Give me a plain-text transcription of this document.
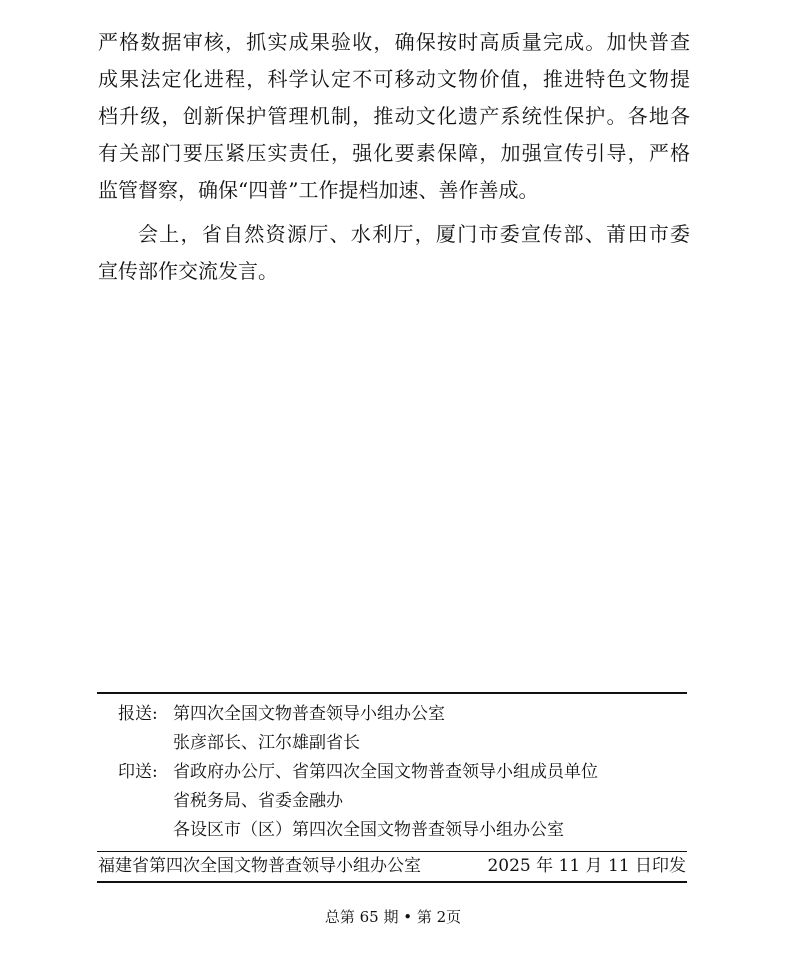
严格数据审核，抓实成果验收，确保按时高质量完成。加快普查
成果法定化进程，科学认定不可移动文物价值，推进特色文物提
档升级，创新保护管理机制，推动文化遗产系统性保护。各地各
有关部门要压紧压实责任，强化要素保障，加强宣传引导，严格
监管督察，确保“四普”工作提档加速、善作善成。

会上，省自然资源厅、水利厅，厦门市委宣传部、莆田市委
宣传部作交流发言。

报送: 第四次全国文物普查领导小组办公室
张彦部长、江尔雄副省长
印送: 省政府办公厅、省第四次全国文物普查领导小组成员单位
省税务局、省委金融办
各设区市（区）第四次全国文物普查领导小组办公室
福建省第四次全国文物普查领导小组办公室	2025 年 11 月 11 日印发
总第 65 期 • 第 2页
